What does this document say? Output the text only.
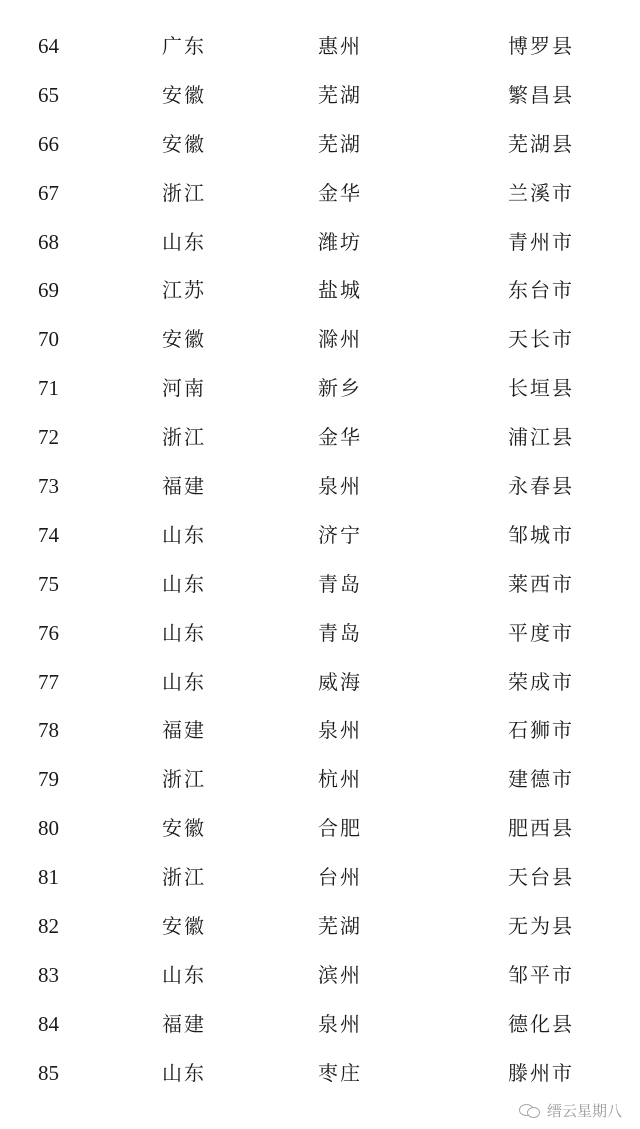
64	广东	惠州	博罗县
65	安徽	芜湖	繁昌县
66	安徽	芜湖	芜湖县
67	浙江	金华	兰溪市
68	山东	潍坊	青州市
69	江苏	盐城	东台市
70	安徽	滁州	天长市
71	河南	新乡	长垣县
72	浙江	金华	浦江县
73	福建	泉州	永春县
74	山东	济宁	邹城市
75	山东	青岛	莱西市
76	山东	青岛	平度市
77	山东	威海	荣成市
78	福建	泉州	石狮市
79	浙江	杭州	建德市
80	安徽	合肥	肥西县
81	浙江	台州	天台县
82	安徽	芜湖	无为县
83	山东	滨州	邹平市
84	福建	泉州	德化县
85	山东	枣庄	滕州市
缙云星期八
